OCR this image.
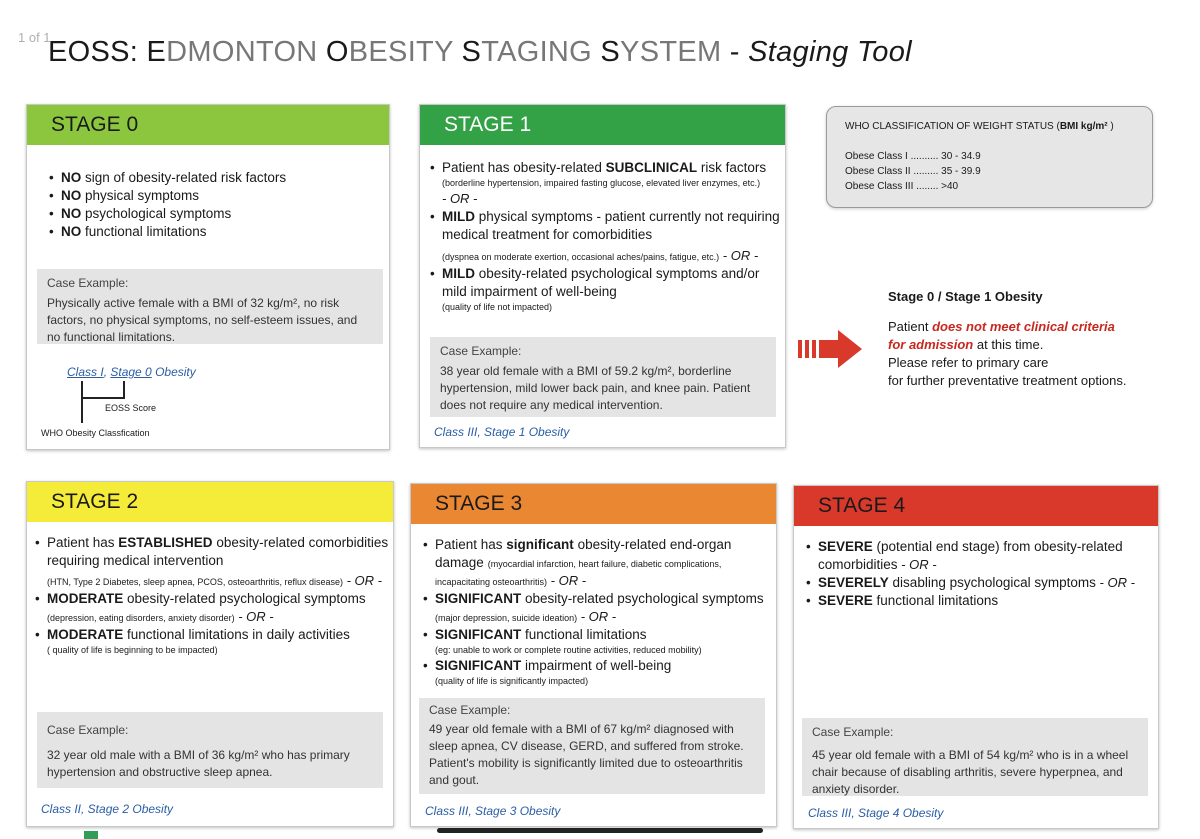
1 of 1
EOSS: EDMONTON OBESITY STAGING SYSTEM - Staging Tool
STAGE 0
• NO sign of obesity-related risk factors
• NO physical symptoms
• NO psychological symptoms
• NO functional limitations
Case Example:
Physically active female with a BMI of 32 kg/m², no risk factors, no physical symptoms, no self-esteem issues, and no functional limitations.
Class I, Stage 0 Obesity
EOSS Score
WHO Obesity Classfication
STAGE 1
• Patient has obesity-related SUBCLINICAL risk factors
(borderline hypertension, impaired fasting glucose, elevated liver enzymes, etc.)
- OR -
• MILD physical symptoms - patient currently not requiring medical treatment for comorbidities
(dyspnea on moderate exertion, occasional aches/pains, fatigue, etc.) - OR -
• MILD obesity-related psychological symptoms and/or mild impairment of well-being
(quality of life not impacted)
Case Example:
38 year old female with a BMI of 59.2 kg/m², borderline hypertension, mild lower back pain, and knee pain. Patient does not require any medical intervention.
Class III, Stage 1 Obesity
WHO CLASSIFICATION OF WEIGHT STATUS (BMI kg/m² )
Obese Class I .......... 30 - 34.9
Obese Class II ......... 35 - 39.9
Obese Class III ........ >40
Stage 0 / Stage 1 Obesity
Patient does not meet clinical criteria
for admission at this time.
Please refer to primary care
for further preventative treatment options.
STAGE 2
• Patient has ESTABLISHED obesity-related comorbidities requiring medical intervention
(HTN, Type 2 Diabetes, sleep apnea, PCOS, osteoarthritis, reflux disease) - OR -
• MODERATE obesity-related psychological symptoms
(depression, eating disorders, anxiety disorder) - OR -
• MODERATE functional limitations in daily activities
( quality of life is beginning to be impacted)
Case Example:
32 year old male with a BMI of 36 kg/m² who has primary hypertension and obstructive sleep apnea.
Class II, Stage 2 Obesity
STAGE 3
• Patient has significant obesity-related end-organ damage (myocardial infarction, heart failure, diabetic complications, incapacitating osteoarthritis) - OR -
• SIGNIFICANT obesity-related psychological symptoms
(major depression, suicide ideation) - OR -
• SIGNIFICANT functional limitations
(eg: unable to work or complete routine activities, reduced mobility)
• SIGNIFICANT impairment of well-being
(quality of life is significantly impacted)
Case Example:
49 year old female with a BMI of 67 kg/m² diagnosed with sleep apnea, CV disease, GERD, and suffered from stroke. Patient's mobility is significantly limited due to osteoarthritis and gout.
Class III, Stage 3 Obesity
STAGE 4
• SEVERE (potential end stage) from obesity-related comorbidities - OR -
• SEVERELY disabling psychological symptoms - OR -
• SEVERE functional limitations
Case Example:
45 year old female with a BMI of 54 kg/m² who is in a wheel chair because of disabling arthritis, severe hyperpnea, and anxiety disorder.
Class III, Stage 4 Obesity
